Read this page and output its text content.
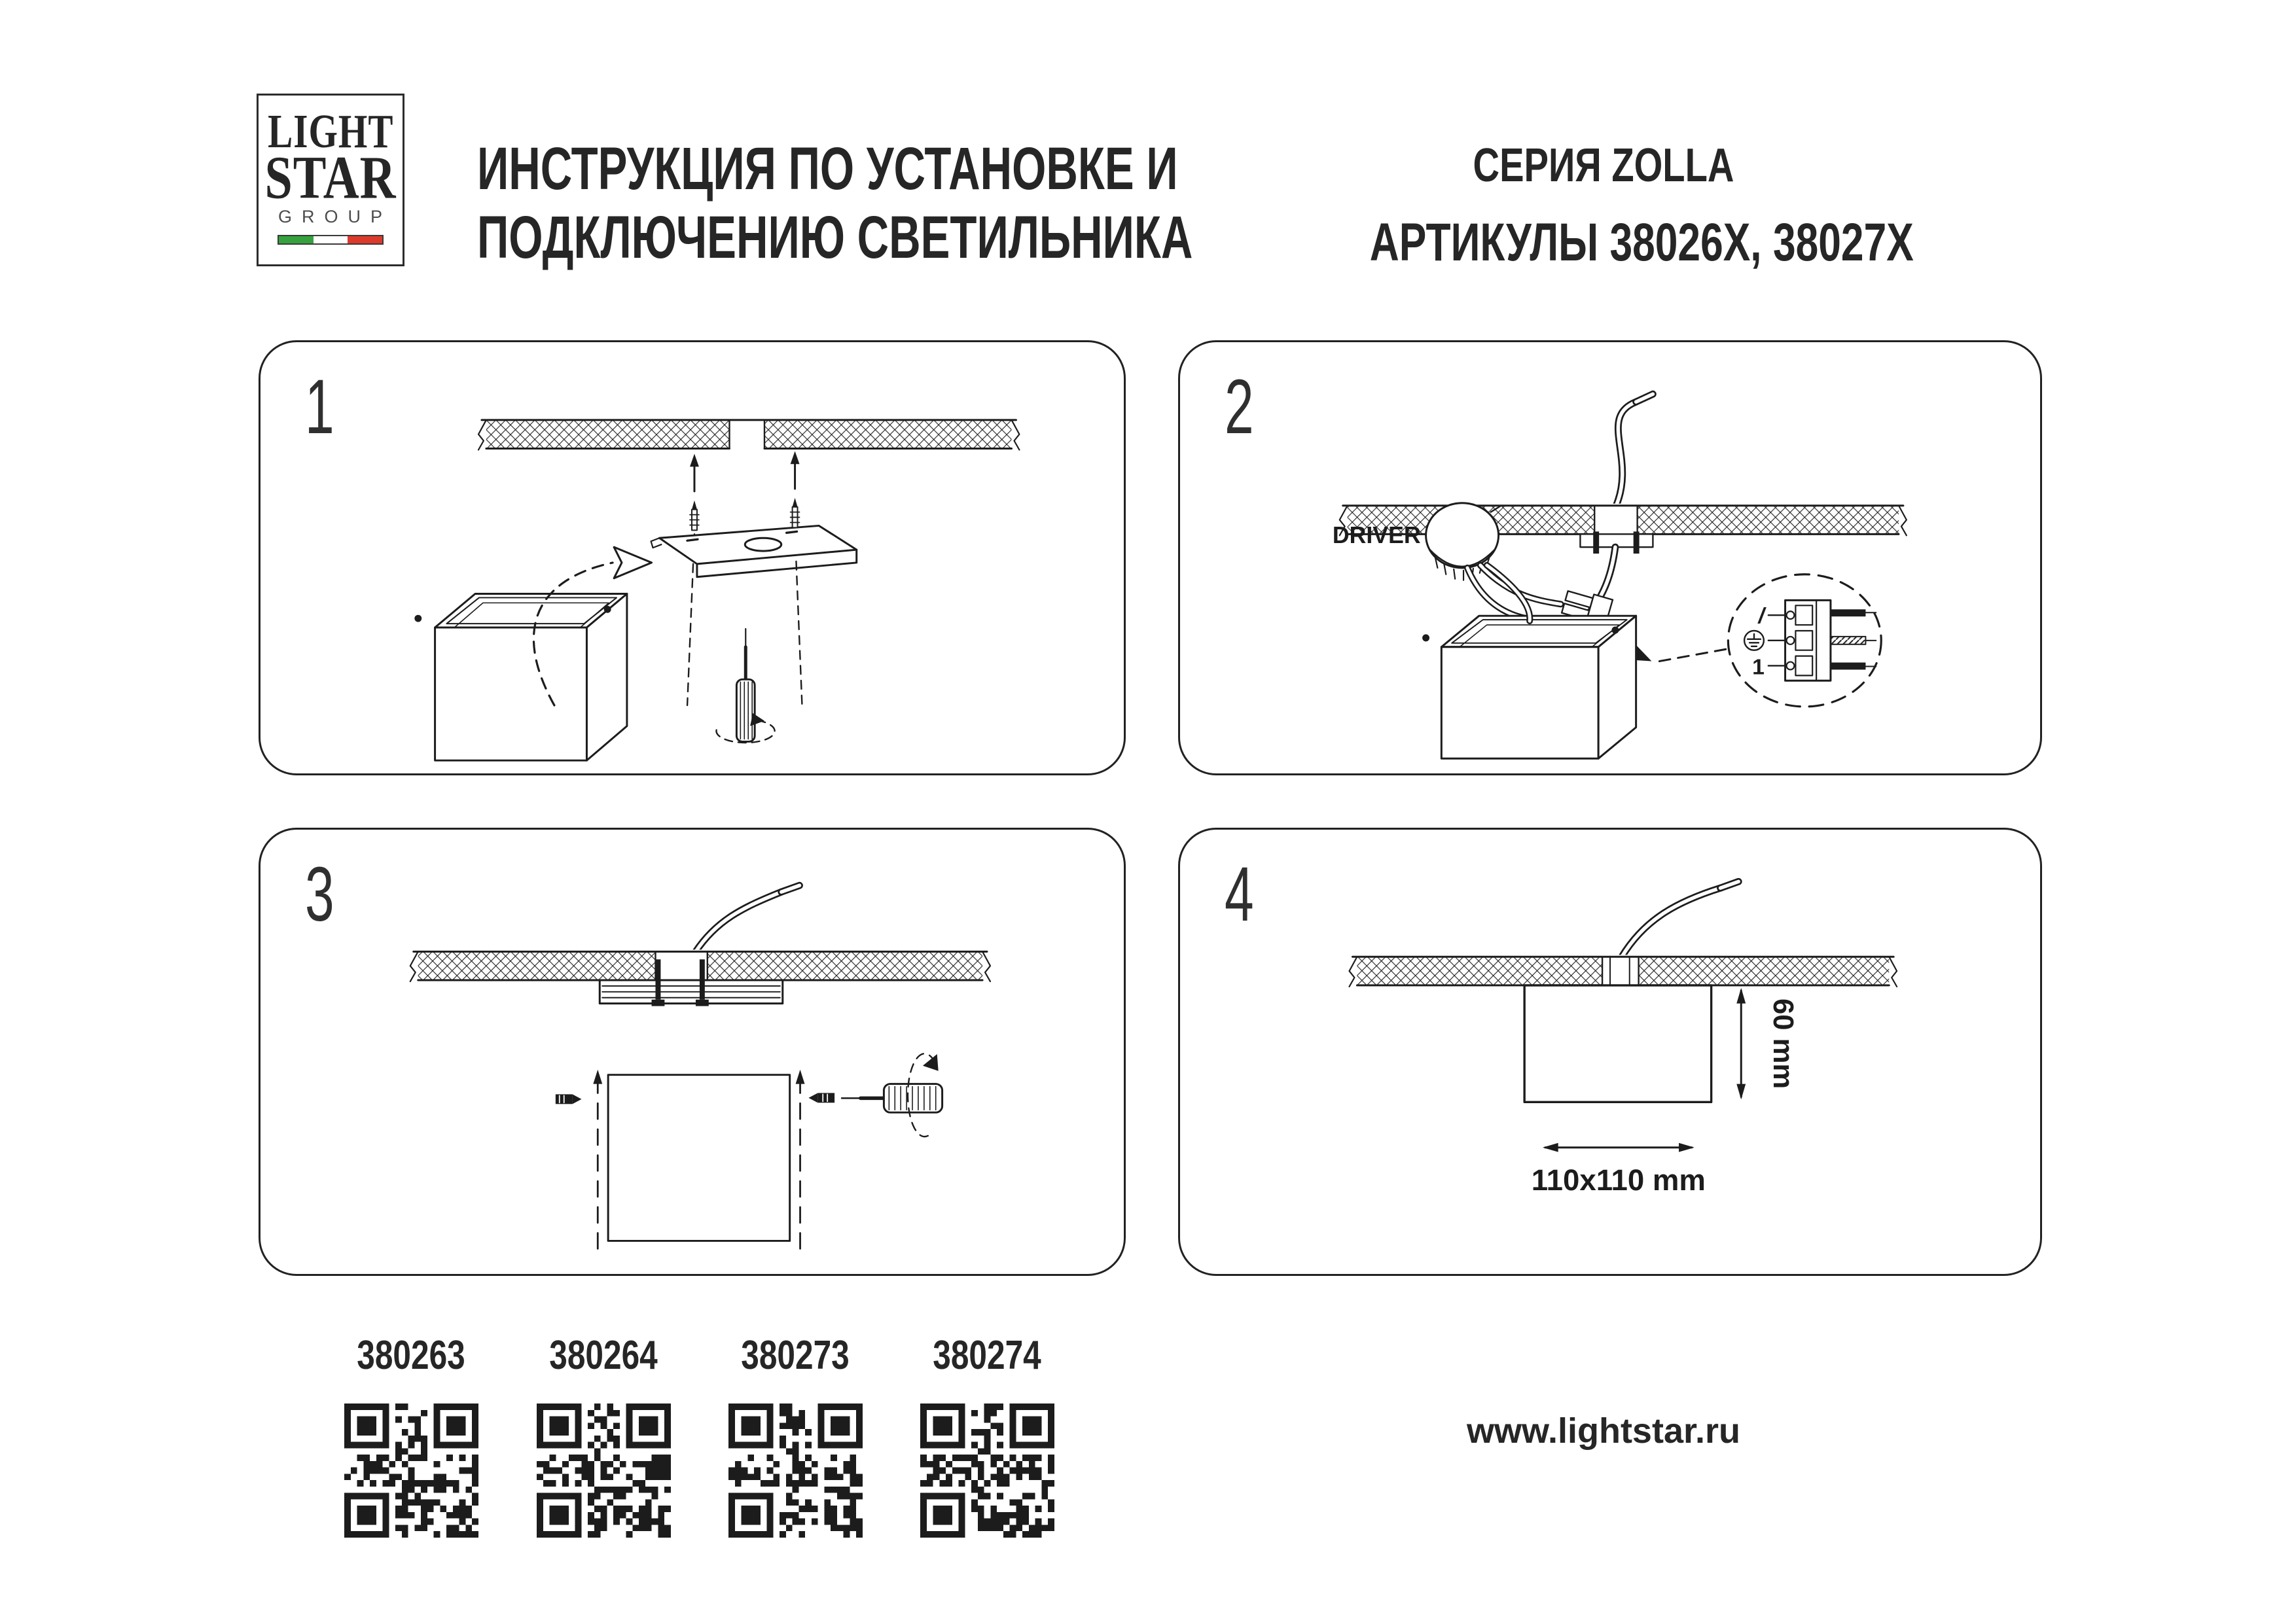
LIGHT
STAR
GROUP
ИНСТРУКЦИЯ ПО УСТАНОВКЕ И
ПОДКЛЮЧЕНИЮ СВЕТИЛЬНИКА
СЕРИЯ ZOLLA
АРТИКУЛЫ 38026Х, 38027Х
1	2
DRIVER
/
1
3	4
60 mm
110x110 mm
380263 380264 380273 380274
www.lightstar.ru
